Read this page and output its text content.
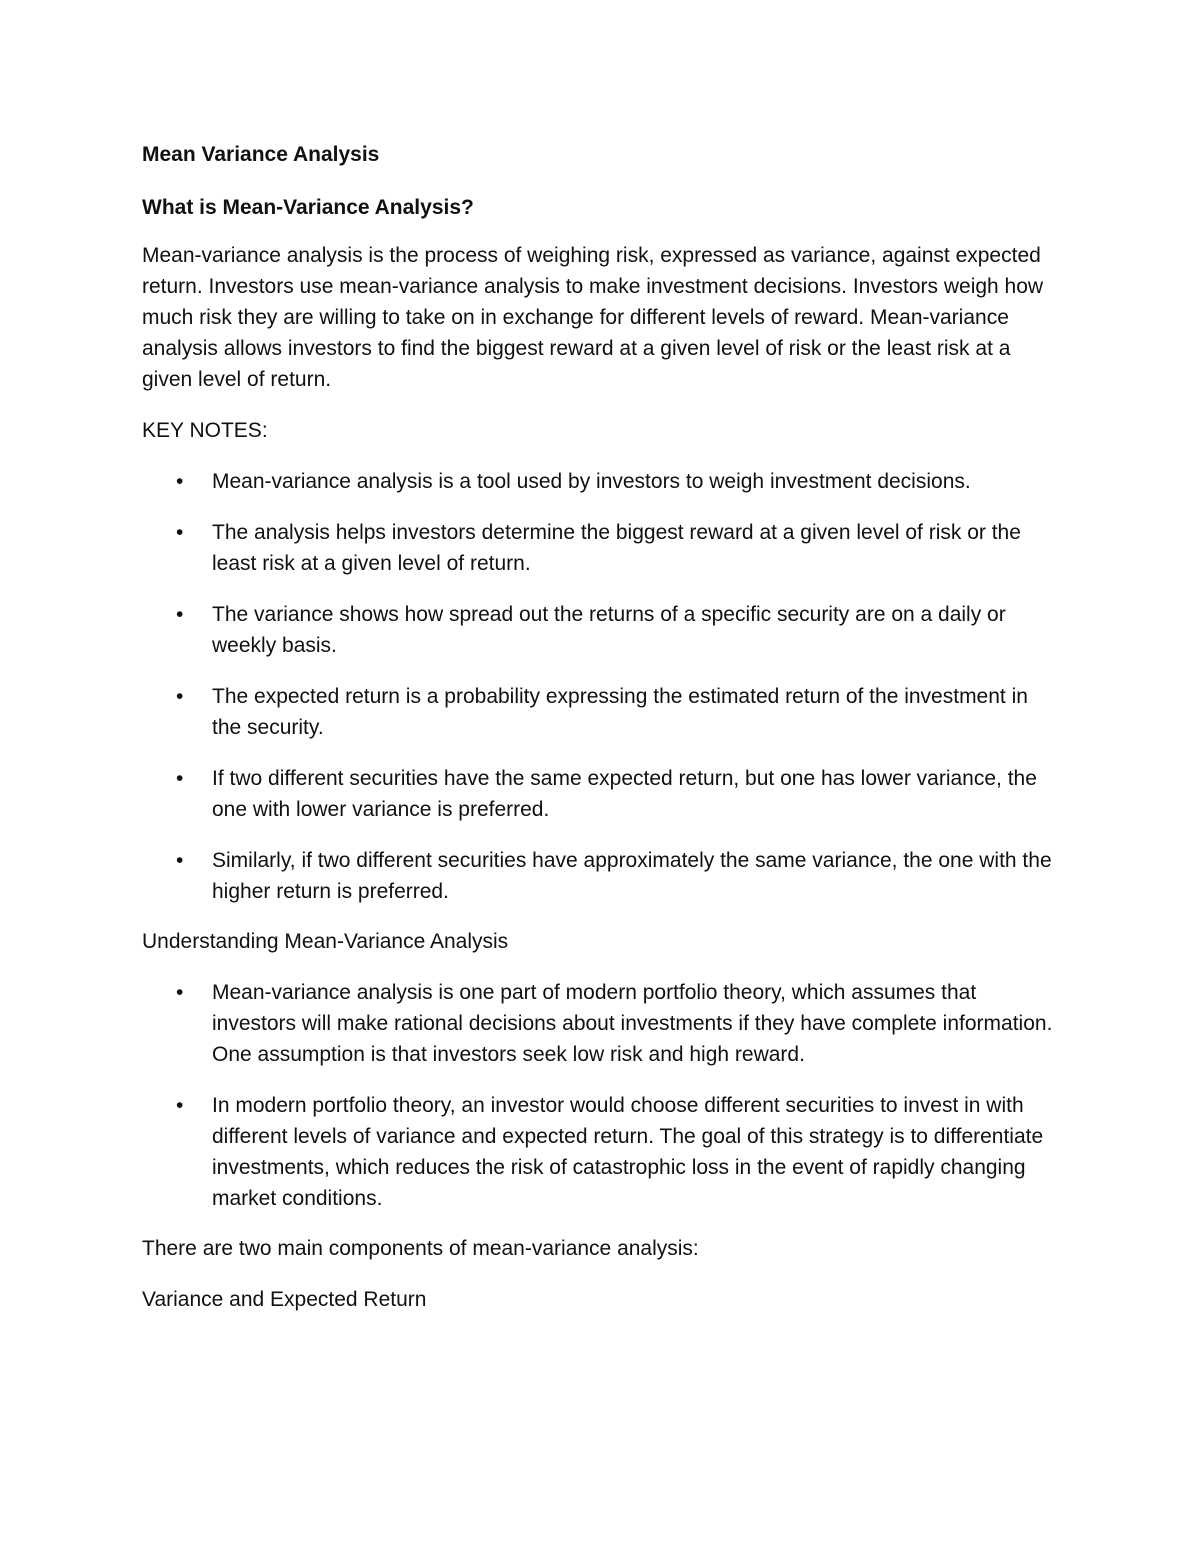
Mean Variance Analysis
What is Mean-Variance Analysis?

Mean-variance analysis is the process of weighing risk, expressed as variance, against expected return. Investors use mean-variance analysis to make investment decisions. Investors weigh how much risk they are willing to take on in exchange for different levels of reward. Mean-variance analysis allows investors to find the biggest reward at a given level of risk or the least risk at a given level of return.

KEY NOTES:

• Mean-variance analysis is a tool used by investors to weigh investment decisions.
• The analysis helps investors determine the biggest reward at a given level of risk or the least risk at a given level of return.
• The variance shows how spread out the returns of a specific security are on a daily or weekly basis.
• The expected return is a probability expressing the estimated return of the investment in the security.
• If two different securities have the same expected return, but one has lower variance, the one with lower variance is preferred.
• Similarly, if two different securities have approximately the same variance, the one with the higher return is preferred.

Understanding Mean-Variance Analysis

• Mean-variance analysis is one part of modern portfolio theory, which assumes that investors will make rational decisions about investments if they have complete information. One assumption is that investors seek low risk and high reward.
• In modern portfolio theory, an investor would choose different securities to invest in with different levels of variance and expected return. The goal of this strategy is to differentiate investments, which reduces the risk of catastrophic loss in the event of rapidly changing market conditions.

There are two main components of mean-variance analysis:

Variance and Expected Return
